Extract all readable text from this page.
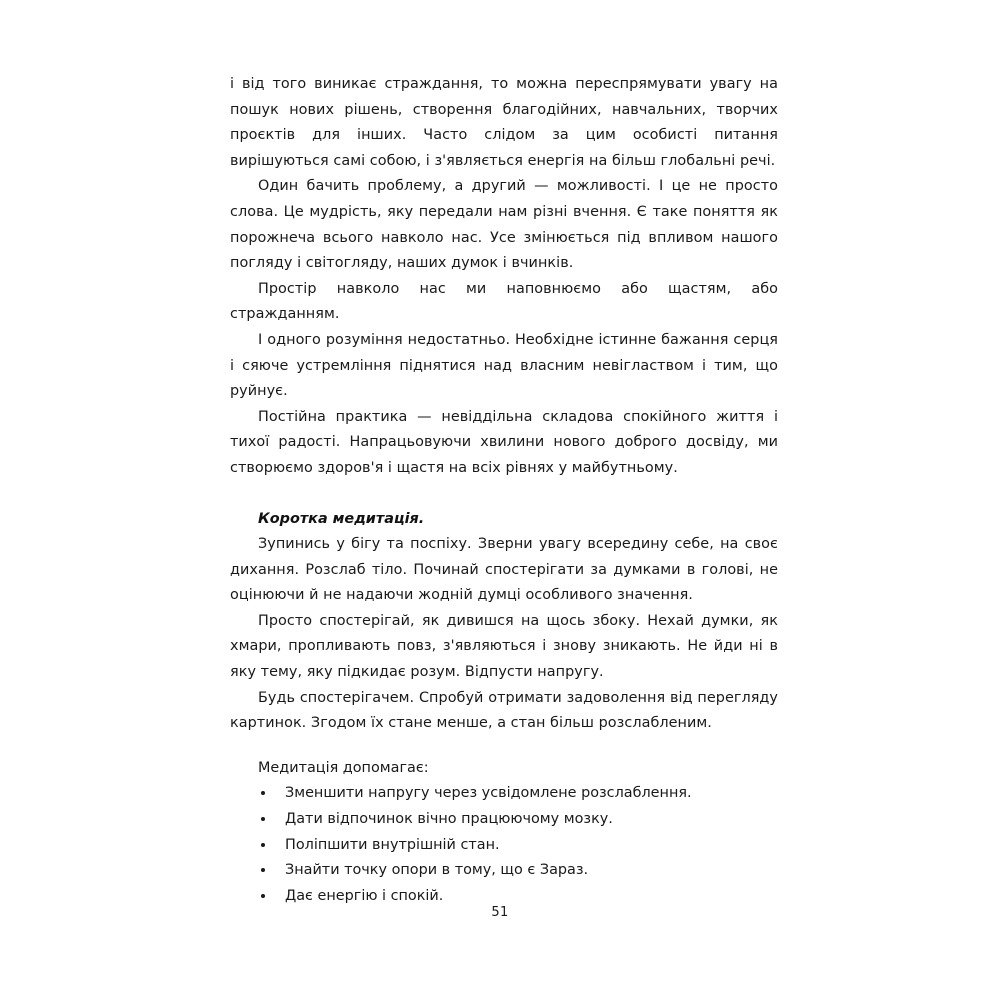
і від того виникає страждання, то можна переспрямувати увагу на пошук нових рішень, створення благодійних, навчальних, творчих проєктів для інших. Часто слідом за цим особисті питання вирішуються самі собою, і з'являється енергія на більш глобальні речі.

Один бачить проблему, а другий — можливості. І це не просто слова. Це мудрість, яку передали нам різні вчення. Є таке поняття як порожнеча всього навколо нас. Усе змінюється під впливом нашого погляду і світогляду, наших думок і вчинків.

Простір навколо нас ми наповнюємо або щастям, або стражданням.

І одного розуміння недостатньо. Необхідне істинне бажання серця і сяюче устремління піднятися над власним невіглаством і тим, що руйнує.

Постійна практика — невіддільна складова спокійного життя і тихої радості. Напрацьовуючи хвилини нового доброго досвіду, ми створюємо здоров'я і щастя на всіх рівнях у майбутньому.

Коротка медитація.

Зупинись у бігу та поспіху. Зверни увагу всередину себе, на своє дихання. Розслаб тіло. Починай спостерігати за думками в голові, не оцінюючи й не надаючи жодній думці особливого значення.

Просто спостерігай, як дивишся на щось збоку. Нехай думки, як хмари, пропливають повз, з'являються і знову зникають. Не йди ні в яку тему, яку підкидає розум. Відпусти напругу.

Будь спостерігачем. Спробуй отримати задоволення від перегляду картинок. Згодом їх стане менше, а стан більш розслабленим.

Медитація допомагає:

Зменшити напругу через усвідомлене розслаблення.
Дати відпочинок вічно працюючому мозку.
Поліпшити внутрішній стан.
Знайти точку опори в тому, що є Зараз.
Дає енергію і спокій.
51
